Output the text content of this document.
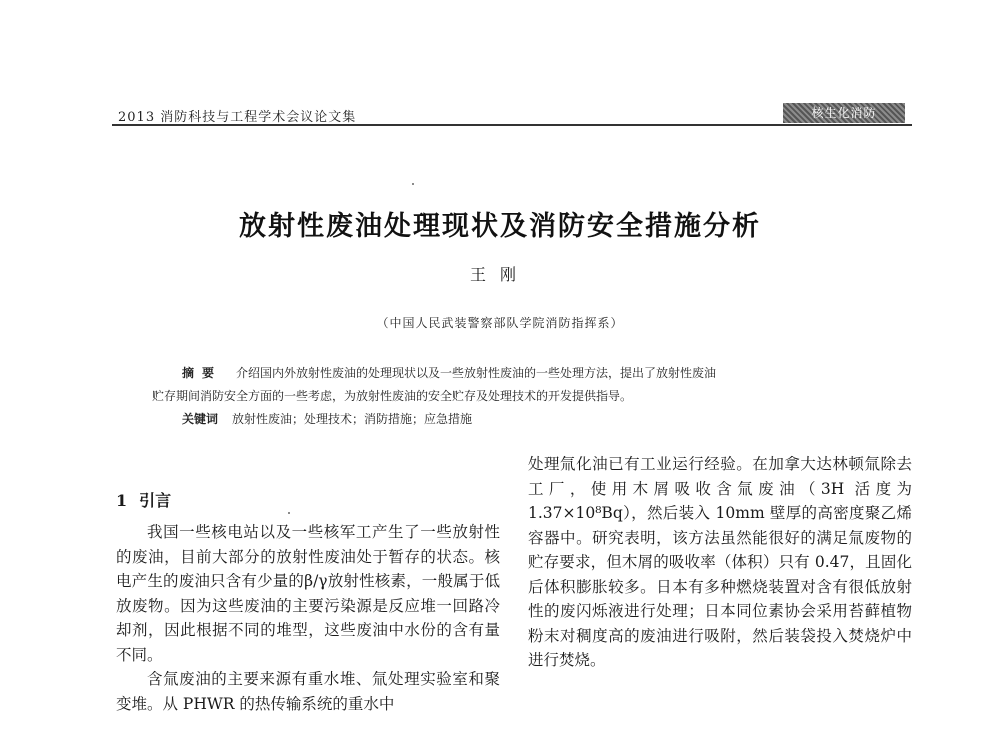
2013 消防科技与工程学术会议论文集	核生化消防
放射性废油处理现状及消防安全措施分析
王刚
（中国人民武装警察部队学院消防指挥系）
摘要 介绍国内外放射性废油的处理现状以及一些放射性废油的一些处理方法，提出了放射性废油
贮存期间消防安全方面的一些考虑，为放射性废油的安全贮存及处理技术的开发提供指导。
关键词 放射性废油；处理技术；消防措施；应急措施
1 引言

我国一些核电站以及一些核军工产生了一些放射性的废油，目前大部分的放射性废油处于暂存的状态。核电产生的废油只含有少量的β/γ放射性核素，一般属于低放废物。因为这些废油的主要污染源是反应堆一回路冷却剂，因此根据不同的堆型，这些废油中水份的含有量不同。

含氚废油的主要来源有重水堆、氚处理实验室和聚变堆。从 PHWR 的热传输系统的重水中

处理氚化油已有工业运行经验。在加拿大达林顿氚除去工厂，使用木屑吸收含氚废油（3H 活度为 1.37×10⁸Bq），然后装入 10mm 壁厚的高密度聚乙烯容器中。研究表明，该方法虽然能很好的满足氚废物的贮存要求，但木屑的吸收率（体积）只有 0.47，且固化后体积膨胀较多。日本有多种燃烧装置对含有很低放射性的废闪烁液进行处理；日本同位素协会采用苔藓植物粉末对稠度高的废油进行吸附，然后装袋投入焚烧炉中进行焚烧。
